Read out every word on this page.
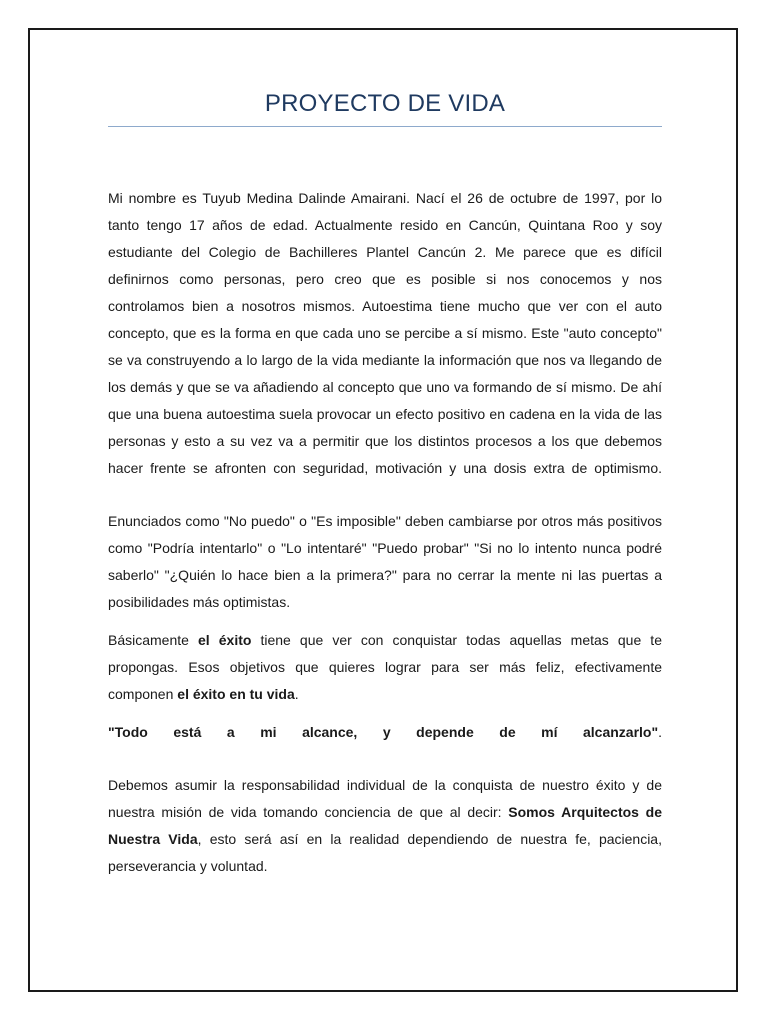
PROYECTO DE VIDA

Mi nombre es Tuyub Medina Dalinde Amairani. Nací el 26 de octubre de 1997, por lo tanto tengo 17 años de edad. Actualmente resido en Cancún, Quintana Roo y soy estudiante del Colegio de Bachilleres Plantel Cancún 2. Me parece que es difícil definirnos como personas, pero creo que es posible si nos conocemos y nos controlamos bien a nosotros mismos. Autoestima tiene mucho que ver con el auto concepto, que es la forma en que cada uno se percibe a sí mismo. Este "auto concepto" se va construyendo a lo largo de la vida mediante la información que nos va llegando de los demás y que se va añadiendo al concepto que uno va formando de sí mismo. De ahí que una buena autoestima suela provocar un efecto positivo en cadena en la vida de las personas y esto a su vez va a permitir que los distintos procesos a los que debemos hacer frente se afronten con seguridad, motivación y una dosis extra de optimismo.

Enunciados como "No puedo" o "Es imposible" deben cambiarse por otros más positivos como "Podría intentarlo" o "Lo intentaré" "Puedo probar" "Si no lo intento nunca podré saberlo" "¿Quién lo hace bien a la primera?" para no cerrar la mente ni las puertas a posibilidades más optimistas.

Básicamente el éxito tiene que ver con conquistar todas aquellas metas que te propongas. Esos objetivos que quieres lograr para ser más feliz, efectivamente componen el éxito en tu vida.

"Todo está a mi alcance, y depende de mí alcanzarlo".

Debemos asumir la responsabilidad individual de la conquista de nuestro éxito y de nuestra misión de vida tomando conciencia de que al decir: Somos Arquitectos de Nuestra Vida, esto será así en la realidad dependiendo de nuestra fe, paciencia, perseverancia y voluntad.
